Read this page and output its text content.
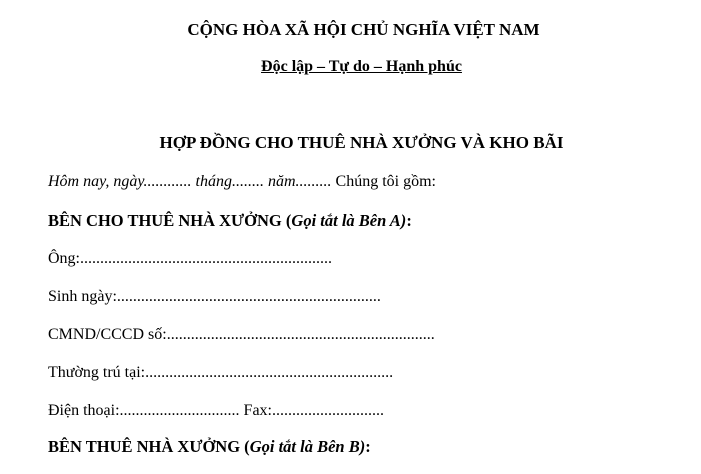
CỘNG HÒA XÃ HỘI CHỦ NGHĨA VIỆT NAM
Độc lập – Tự do – Hạnh phúc
HỢP ĐỒNG CHO THUÊ NHÀ XƯỞNG VÀ KHO BÃI
Hôm nay, ngày............ tháng........ năm......... Chúng tôi gồm:
BÊN CHO THUÊ NHÀ XƯỞNG (Gọi tắt là Bên A):
Ông:...............................................................
Sinh ngày:..................................................................
CMND/CCCD số:...................................................................
Thường trú tại:..............................................................
Điện thoại:.............................. Fax:............................
BÊN THUÊ NHÀ XƯỞNG (Gọi tắt là Bên B):
